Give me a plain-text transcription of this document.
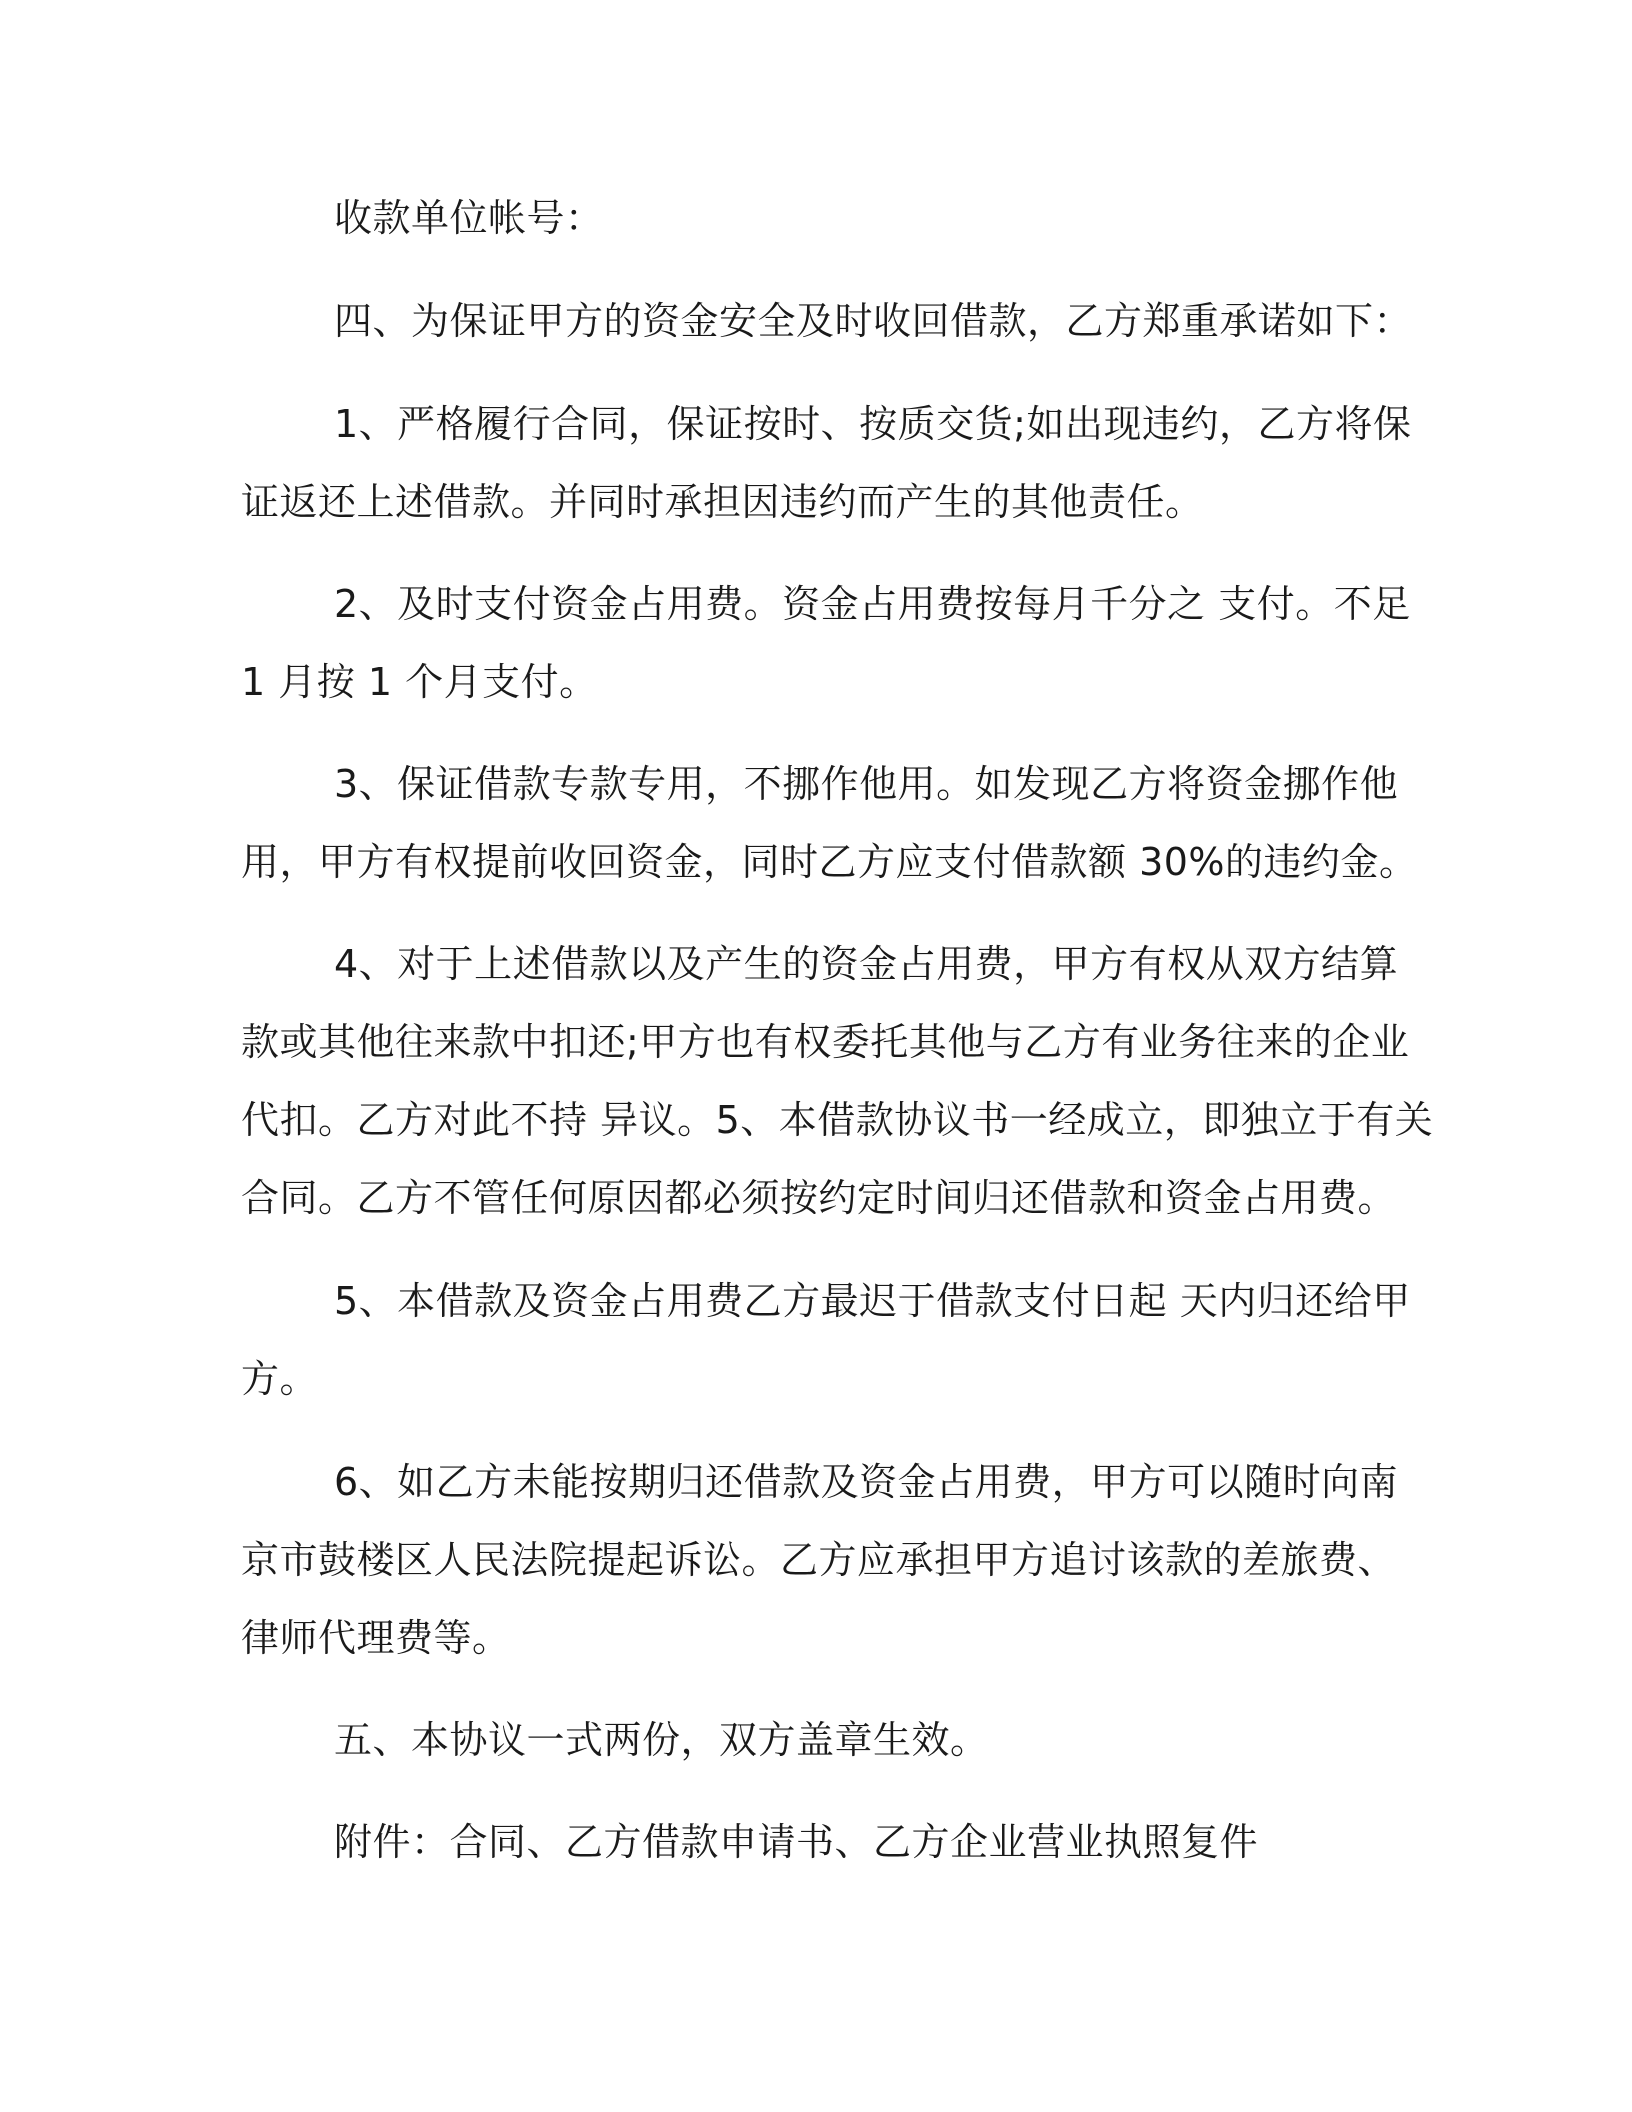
收款单位帐号：
四、为保证甲方的资金安全及时收回借款，乙方郑重承诺如下：
1、严格履行合同，保证按时、按质交货;如出现违约，乙方将保
证返还上述借款。并同时承担因违约而产生的其他责任。
2、及时支付资金占用费。资金占用费按每月千分之 支付。不足
1 月按 1 个月支付。
3、保证借款专款专用，不挪作他用。如发现乙方将资金挪作他
用，甲方有权提前收回资金，同时乙方应支付借款额 30%的违约金。
4、对于上述借款以及产生的资金占用费，甲方有权从双方结算
款或其他往来款中扣还;甲方也有权委托其他与乙方有业务往来的企业
代扣。乙方对此不持 异议。5、本借款协议书一经成立，即独立于有关
合同。乙方不管任何原因都必须按约定时间归还借款和资金占用费。
5、本借款及资金占用费乙方最迟于借款支付日起 天内归还给甲
方。
6、如乙方未能按期归还借款及资金占用费，甲方可以随时向南
京市鼓楼区人民法院提起诉讼。乙方应承担甲方追讨该款的差旅费、
律师代理费等。
五、本协议一式两份，双方盖章生效。
附件：合同、乙方借款申请书、乙方企业营业执照复件
